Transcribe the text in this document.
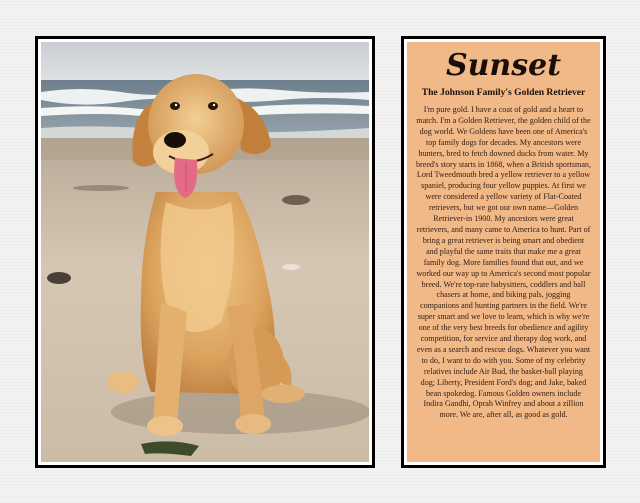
Sunset
The Johnson Family's Golden Retriever

I'm pure gold. I have a coat of gold and a heart to match. I'm a Golden Retriever, the golden child of the dog world. We Goldens have been one of America's top family dogs for decades. My ancestors were hunters, bred to fetch downed ducks from water. My breed's story starts in 1868, when a British sportsman, Lord Tweedmouth bred a yellow retriever to a yellow spaniel, producing four yellow puppies. At first we were considered a yellow variety of Flat-Coated retrievers, but we got our own name—Golden Retriever-in 1900. My ancestors were great retrievers, and many came to America to hunt. Part of bring a great retriever is being smart and obedient and playful the same traits that make me a great family dog. More families found that out, and we worked our way up to America's second most popular breed. We're top-rate babysitters, coddlers and ball chasers at home, and biking pals, jogging companions and hunting partners in the field. We're super smart and we love to learn, which is why we're one of the very best breeds for obedience and agility competition, for service and therapy dog work, and even as a search and rescue dogs. Whatever you want to do, I want to do with you. Some of my celebrity relatives include Air Bud, the basket-ball playing dog; Liberty, President Ford's dog; and Jake, baked bean spokedog. Famous Golden owners include Indira Gandhi, Oprah Winfrey and about a zillion more. We are, after all, as good as gold.
